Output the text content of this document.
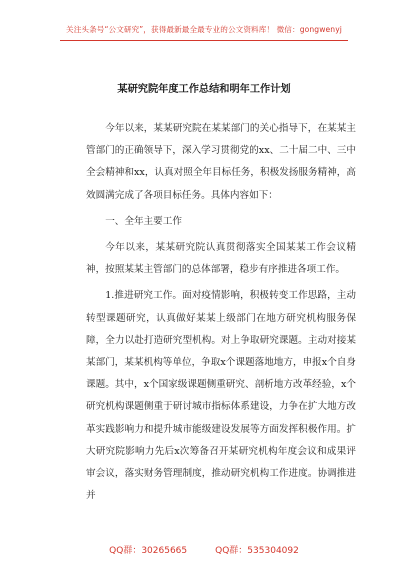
关注头条号“公文研究”，获得最新最全最专业的公文资料库！ 微信：gongwenyj
某研究院年度工作总结和明年工作计划

今年以来，某某研究院在某某部门的关心指导下，在某某主管部门的正确领导下，深入学习贯彻党的xx、二十届二中、三中全会精神和xx，认真对照全年目标任务，积极发扬服务精神，高效圆满完成了各项目标任务。具体内容如下：

一、全年主要工作

今年以来，某某研究院认真贯彻落实全国某某工作会议精神，按照某某主管部门的总体部署，稳步有序推进各项工作。

1.推进研究工作。面对疫情影响，积极转变工作思路，主动转型课题研究，认真做好某某上级部门在地方研究机构服务保障，全力以赴打造研究型机构。对上争取研究课题。主动对接某某部门，某某机构等单位，争取x个课题落地地方，申报x个自身课题。其中，x个国家级课题侧重研究、剖析地方改革经验，x个研究机构课题侧重于研讨城市指标体系建设，力争在扩大地方改革实践影响力和提升城市能级建设发展等方面发挥积极作用。扩大研究院影响力先后x次筹备召开某研究机构年度会议和成果评审会议，落实财务管理制度，推动研究机构工作进度。协调推进并

QQ群：30265665	QQ群：535304092
